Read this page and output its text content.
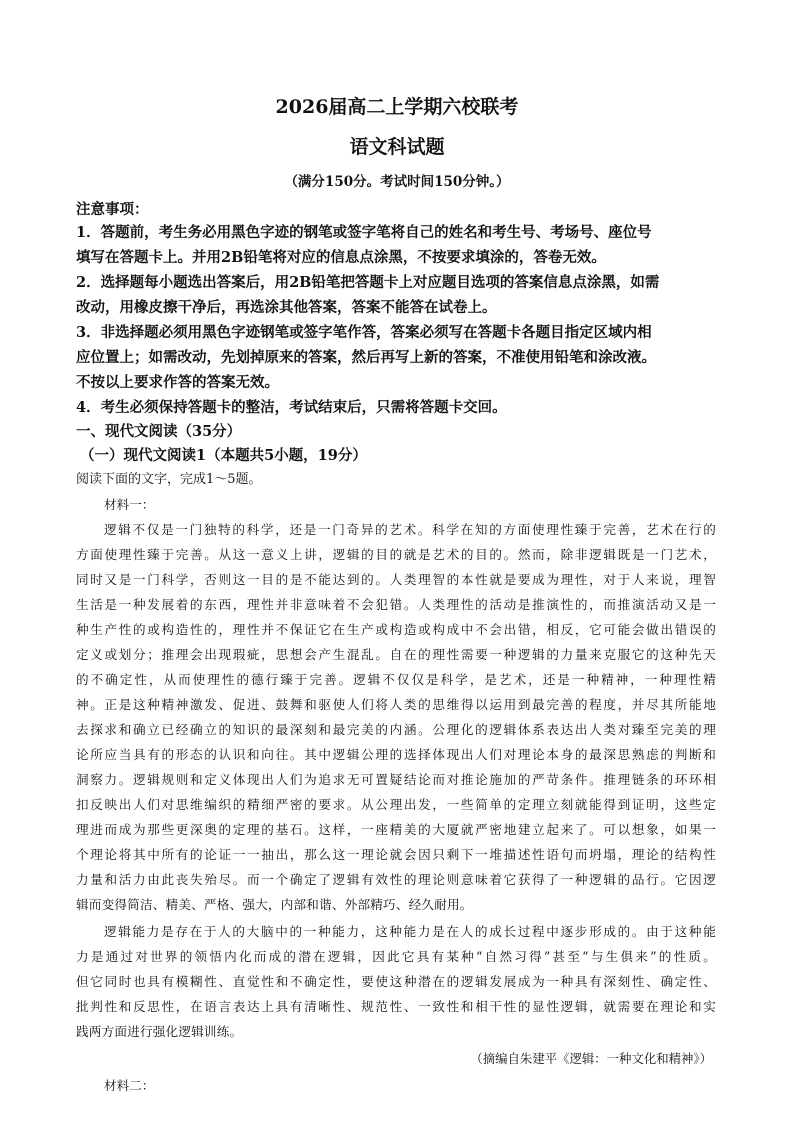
2026届高二上学期六校联考
语文科试题
（满分150分。考试时间150分钟。）
注意事项：
1．答题前，考生务必用黑色字迹的钢笔或签字笔将自己的姓名和考生号、考场号、座位号
填写在答题卡上。并用2B铅笔将对应的信息点涂黑，不按要求填涂的，答卷无效。
2．选择题每小题选出答案后，用2B铅笔把答题卡上对应题目选项的答案信息点涂黑，如需
改动，用橡皮擦干净后，再选涂其他答案，答案不能答在试卷上。
3．非选择题必须用黑色字迹钢笔或签字笔作答，答案必须写在答题卡各题目指定区域内相
应位置上；如需改动，先划掉原来的答案，然后再写上新的答案，不准使用铅笔和涂改液。
不按以上要求作答的答案无效。
4．考生必须保持答题卡的整洁，考试结束后，只需将答题卡交回。
一、现代文阅读（35分）
（一）现代文阅读1（本题共5小题，19分）
阅读下面的文字，完成1～5题。
材料一：
逻辑不仅是一门独特的科学，还是一门奇异的艺术。科学在知的方面使理性臻于完善，艺术在行的
方面使理性臻于完善。从这一意义上讲，逻辑的目的就是艺术的目的。然而，除非逻辑既是一门艺术，
同时又是一门科学，否则这一目的是不能达到的。人类理智的本性就是要成为理性，对于人来说，理智
生活是一种发展着的东西，理性并非意味着不会犯错。人类理性的活动是推演性的，而推演活动又是一
种生产性的或构造性的，理性并不保证它在生产或构造或构成中不会出错，相反，它可能会做出错误的
定义或划分；推理会出现瑕疵，思想会产生混乱。自在的理性需要一种逻辑的力量来克服它的这种先天
的不确定性，从而使理性的德行臻于完善。逻辑不仅仅是科学，是艺术，还是一种精神，一种理性精
神。正是这种精神激发、促进、鼓舞和驱使人们将人类的思维得以运用到最完善的程度，并尽其所能地
去探求和确立已经确立的知识的最深刻和最完美的内涵。公理化的逻辑体系表达出人类对臻至完美的理
论所应当具有的形态的认识和向往。其中逻辑公理的选择体现出人们对理论本身的最深思熟虑的判断和
洞察力。逻辑规则和定义体现出人们为追求无可置疑结论而对推论施加的严苛条件。推理链条的环环相
扣反映出人们对思维编织的精细严密的要求。从公理出发，一些简单的定理立刻就能得到证明，这些定
理进而成为那些更深奥的定理的基石。这样，一座精美的大厦就严密地建立起来了。可以想象，如果一
个理论将其中所有的论证一一抽出，那么这一理论就会因只剩下一堆描述性语句而坍塌，理论的结构性
力量和活力由此丧失殆尽。而一个确定了逻辑有效性的理论则意味着它获得了一种逻辑的品行。它因逻
辑而变得简洁、精美、严格、强大，内部和谐、外部精巧、经久耐用。
逻辑能力是存在于人的大脑中的一种能力，这种能力是在人的成长过程中逐步形成的。由于这种能
力是通过对世界的领悟内化而成的潜在逻辑，因此它具有某种“自然习得”甚至“与生俱来”的性质。
但它同时也具有模糊性、直觉性和不确定性，要使这种潜在的逻辑发展成为一种具有深刻性、确定性、
批判性和反思性，在语言表达上具有清晰性、规范性、一致性和相干性的显性逻辑，就需要在理论和实
践两方面进行强化逻辑训练。
（摘编自朱建平《逻辑：一种文化和精神》）
材料二：
